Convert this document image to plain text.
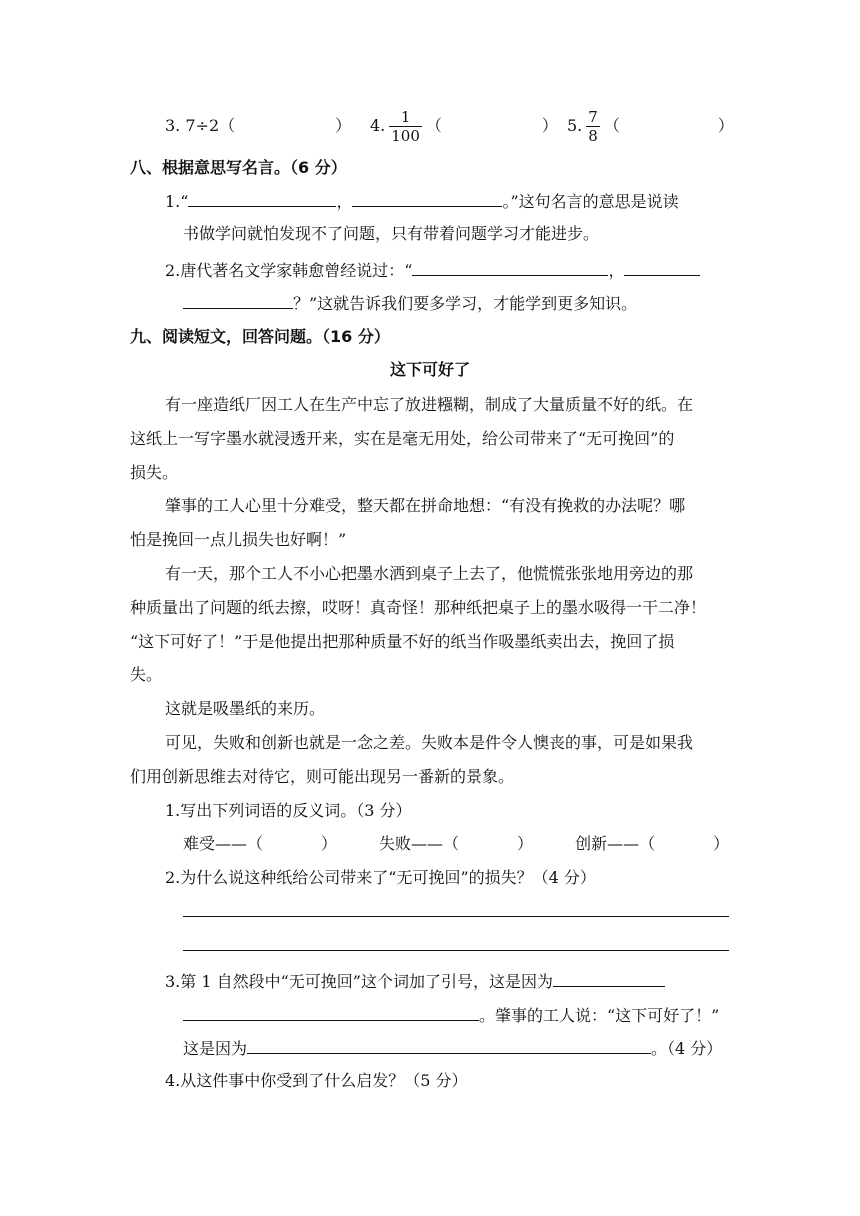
3. 7÷2（	） 4. $\frac{1}{100}$ （	） 5. $\frac{7}{8}$ （	）
八、根据意思写名言。（6 分）
1.“	，	。”这句名言的意思是说读
书做学问就怕发现不了问题，只有带着问题学习才能进步。
2.唐代著名文学家韩愈曾经说过：“	，
？”这就告诉我们要多学习，才能学到更多知识。
九、阅读短文，回答问题。（16 分）
这下可好了
有一座造纸厂因工人在生产中忘了放进糨糊，制成了大量质量不好的纸。在
这纸上一写字墨水就浸透开来，实在是毫无用处，给公司带来了“无可挽回”的
损失。
肇事的工人心里十分难受，整天都在拼命地想：“有没有挽救的办法呢？哪
怕是挽回一点儿损失也好啊！”
有一天，那个工人不小心把墨水洒到桌子上去了，他慌慌张张地用旁边的那
种质量出了问题的纸去擦，哎呀！真奇怪！那种纸把桌子上的墨水吸得一干二净！
“这下可好了！”于是他提出把那种质量不好的纸当作吸墨纸卖出去，挽回了损
失。
这就是吸墨纸的来历。
可见，失败和创新也就是一念之差。失败本是件令人懊丧的事，可是如果我
们用创新思维去对待它，则可能出现另一番新的景象。
1.写出下列词语的反义词。（3 分）
难受——（	）	失败——（	）	创新——（	）
2.为什么说这种纸给公司带来了“无可挽回”的损失？（4 分）
3.第 1 自然段中“无可挽回”这个词加了引号，这是因为
。肇事的工人说：“这下可好了！”
这是因为	。（4 分）
4.从这件事中你受到了什么启发？（5 分）
